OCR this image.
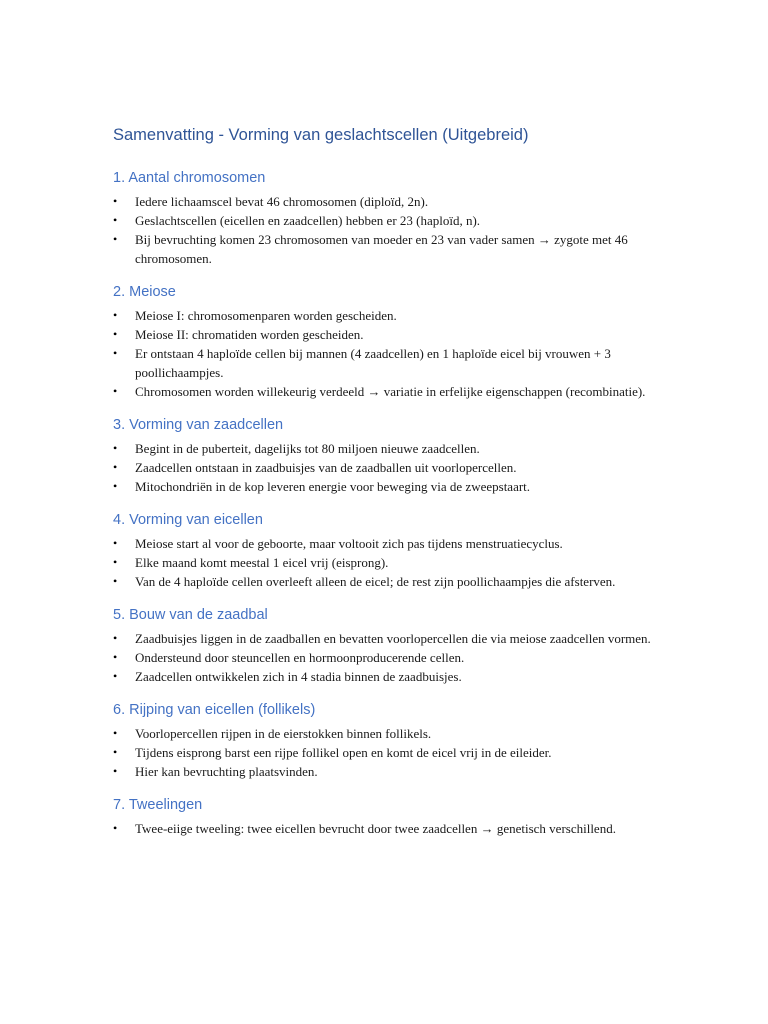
Samenvatting - Vorming van geslachtscellen (Uitgebreid)
1. Aantal chromosomen
• Iedere lichaamscel bevat 46 chromosomen (diploïd, 2n).
• Geslachtscellen (eicellen en zaadcellen) hebben er 23 (haploïd, n).
• Bij bevruchting komen 23 chromosomen van moeder en 23 van vader samen → zygote met 46 chromosomen.
2. Meiose
• Meiose I: chromosomenparen worden gescheiden.
• Meiose II: chromatiden worden gescheiden.
• Er ontstaan 4 haploïde cellen bij mannen (4 zaadcellen) en 1 haploïde eicel bij vrouwen + 3 poollichaampjes.
• Chromosomen worden willekeurig verdeeld → variatie in erfelijke eigenschappen (recombinatie).
3. Vorming van zaadcellen
• Begint in de puberteit, dagelijks tot 80 miljoen nieuwe zaadcellen.
• Zaadcellen ontstaan in zaadbuisjes van de zaadballen uit voorlopercellen.
• Mitochondriën in de kop leveren energie voor beweging via de zweepstaart.
4. Vorming van eicellen
• Meiose start al voor de geboorte, maar voltooit zich pas tijdens menstruatiecyclus.
• Elke maand komt meestal 1 eicel vrij (eisprong).
• Van de 4 haploïde cellen overleeft alleen de eicel; de rest zijn poollichaampjes die afsterven.
5. Bouw van de zaadbal
• Zaadbuisjes liggen in de zaadballen en bevatten voorlopercellen die via meiose zaadcellen vormen.
• Ondersteund door steuncellen en hormoonproducerende cellen.
• Zaadcellen ontwikkelen zich in 4 stadia binnen de zaadbuisjes.
6. Rijping van eicellen (follikels)
• Voorlopercellen rijpen in de eierstokken binnen follikels.
• Tijdens eisprong barst een rijpe follikel open en komt de eicel vrij in de eileider.
• Hier kan bevruchting plaatsvinden.
7. Tweelingen
• Twee-eiige tweeling: twee eicellen bevrucht door twee zaadcellen → genetisch verschillend.
